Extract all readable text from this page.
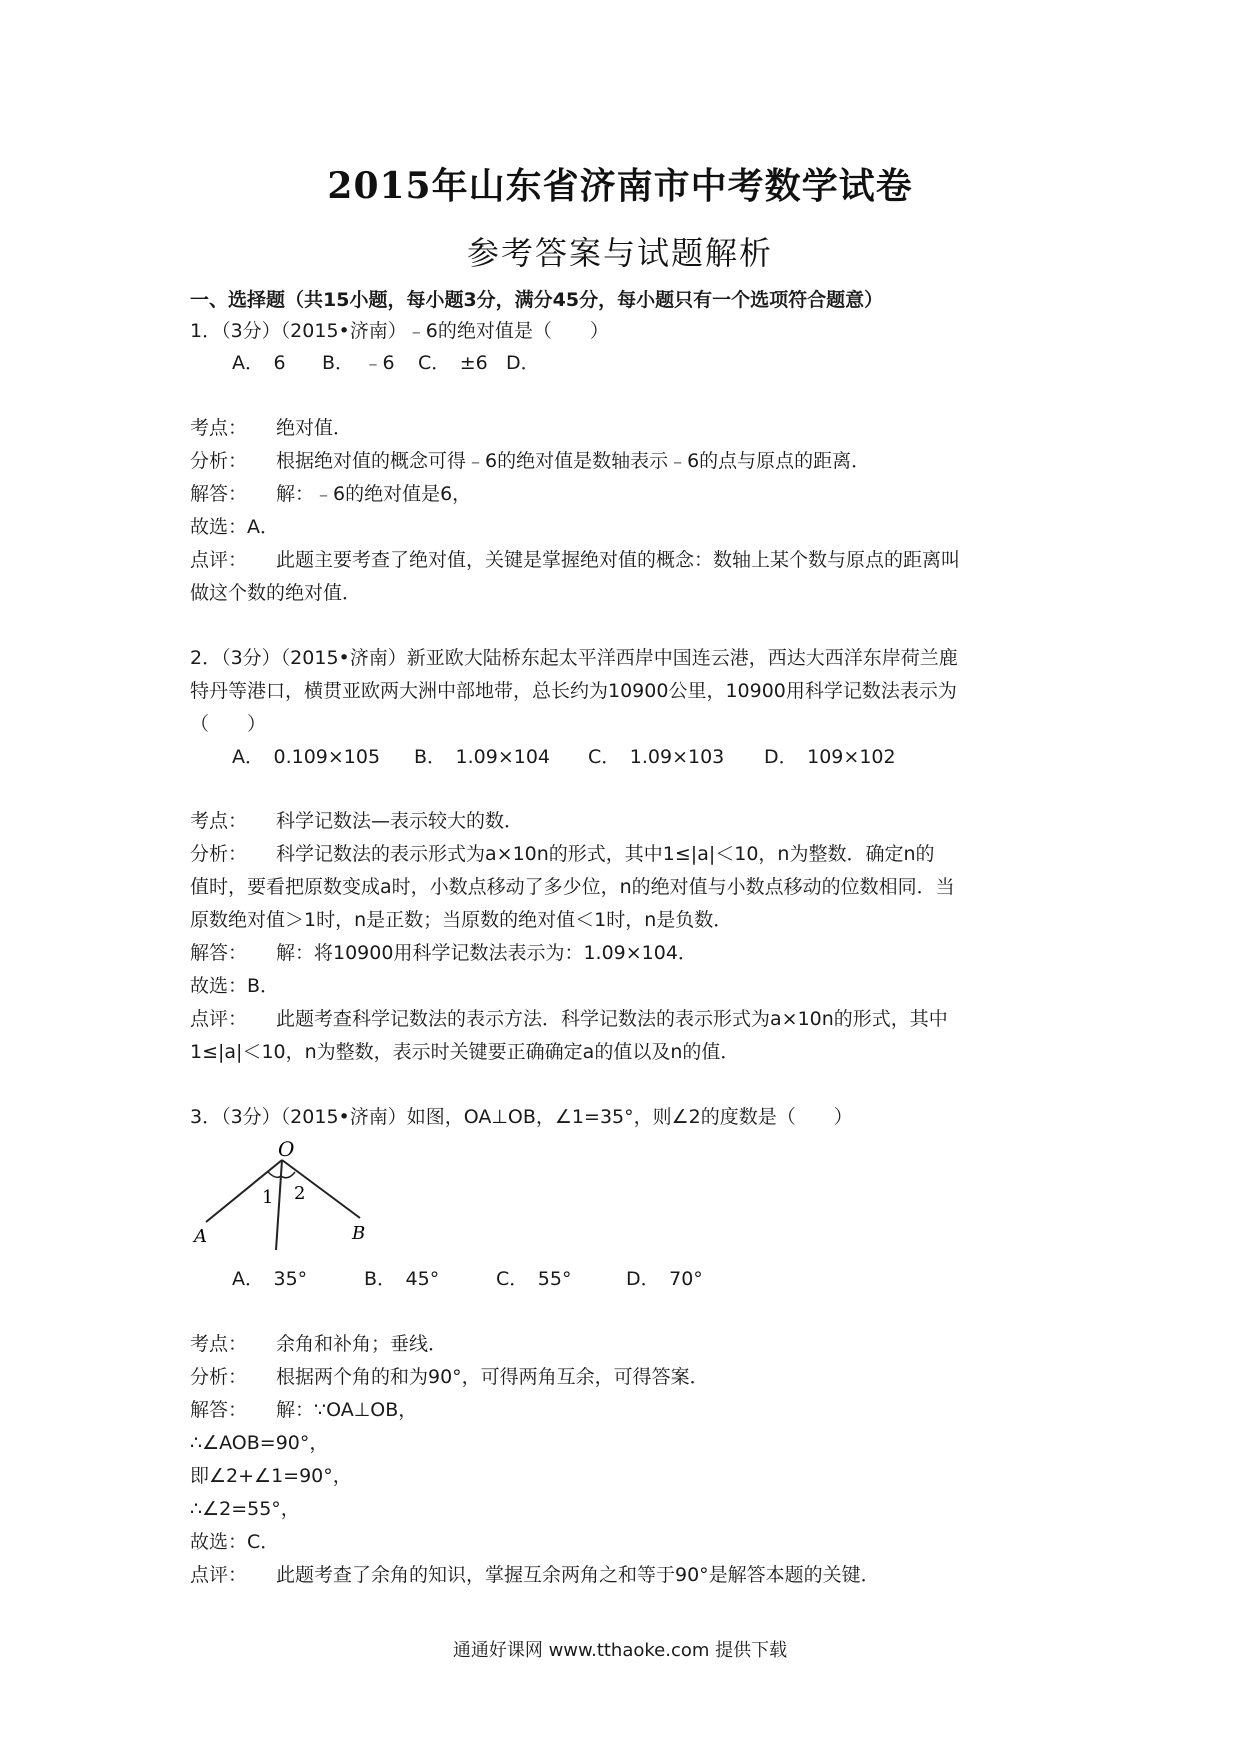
2015年山东省济南市中考数学试卷
参考答案与试题解析
一、选择题（共15小题，每小题3分，满分45分，每小题只有一个选项符合题意）
1．（3分）（2015•济南）﹣6的绝对值是（　　）
A．　6 B．　﹣6 C．　±6 D．
考点： 绝对值．
分析： 根据绝对值的概念可得﹣6的绝对值是数轴表示﹣6的点与原点的距离．
解答： 解：﹣6的绝对值是6，
故选：A．
点评： 此题主要考查了绝对值，关键是掌握绝对值的概念：数轴上某个数与原点的距离叫
做这个数的绝对值．
2．（3分）（2015•济南）新亚欧大陆桥东起太平洋西岸中国连云港，西达大西洋东岸荷兰鹿
特丹等港口，横贯亚欧两大洲中部地带，总长约为10900公里，10900用科学记数法表示为
（　　）
A．　0.109×105 B．　1.09×104 C．　1.09×103 D．　109×102
考点： 科学记数法—表示较大的数．
分析： 科学记数法的表示形式为a×10n的形式，其中1≤|a|＜10，n为整数．确定n的
值时，要看把原数变成a时，小数点移动了多少位，n的绝对值与小数点移动的位数相同．当
原数绝对值＞1时，n是正数；当原数的绝对值＜1时，n是负数．
解答： 解：将10900用科学记数法表示为：1.09×104．
故选：B．
点评： 此题考查科学记数法的表示方法．科学记数法的表示形式为a×10n的形式，其中
1≤|a|＜10，n为整数，表示时关键要正确确定a的值以及n的值．
3．（3分）（2015•济南）如图，OA⊥OB，∠1=35°，则∠2的度数是（　　）
O
A	B
1 2
A．　35°	B．　45°	C．　55°	D．　70°
考点： 余角和补角；垂线．
分析： 根据两个角的和为90°，可得两角互余，可得答案．
解答： 解：∵OA⊥OB，
∴∠AOB=90°，
即∠2+∠1=90°，
∴∠2=55°，
故选：C．
点评： 此题考查了余角的知识，掌握互余两角之和等于90°是解答本题的关键．
通通好课网 www.tthaoke.com 提供下载
